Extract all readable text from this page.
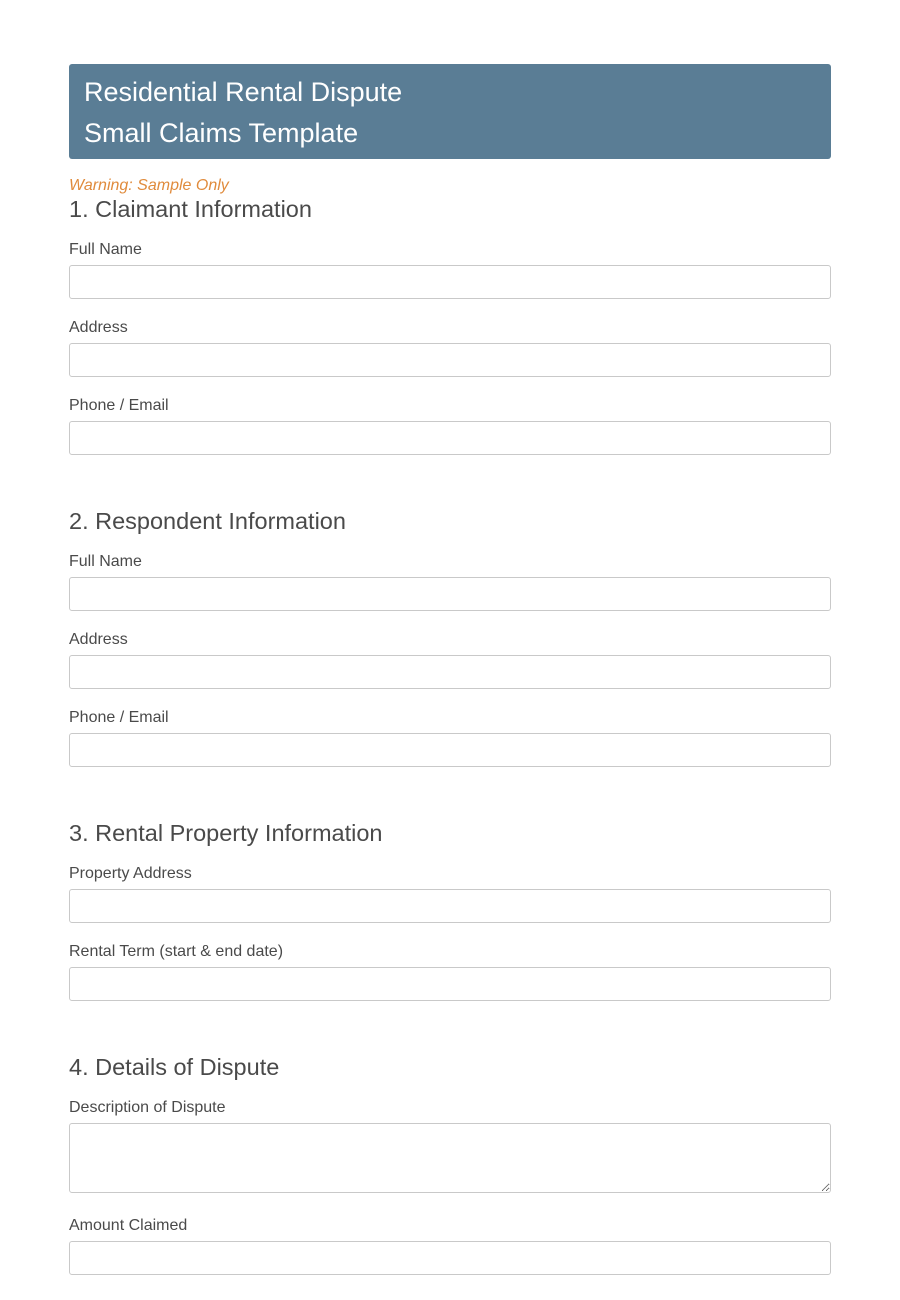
Residential Rental Dispute
Small Claims Template
Warning: Sample Only
1. Claimant Information
Full Name
Address
Phone / Email
2. Respondent Information
Full Name
Address
Phone / Email
3. Rental Property Information
Property Address
Rental Term (start & end date)
4. Details of Dispute
Description of Dispute
Amount Claimed
